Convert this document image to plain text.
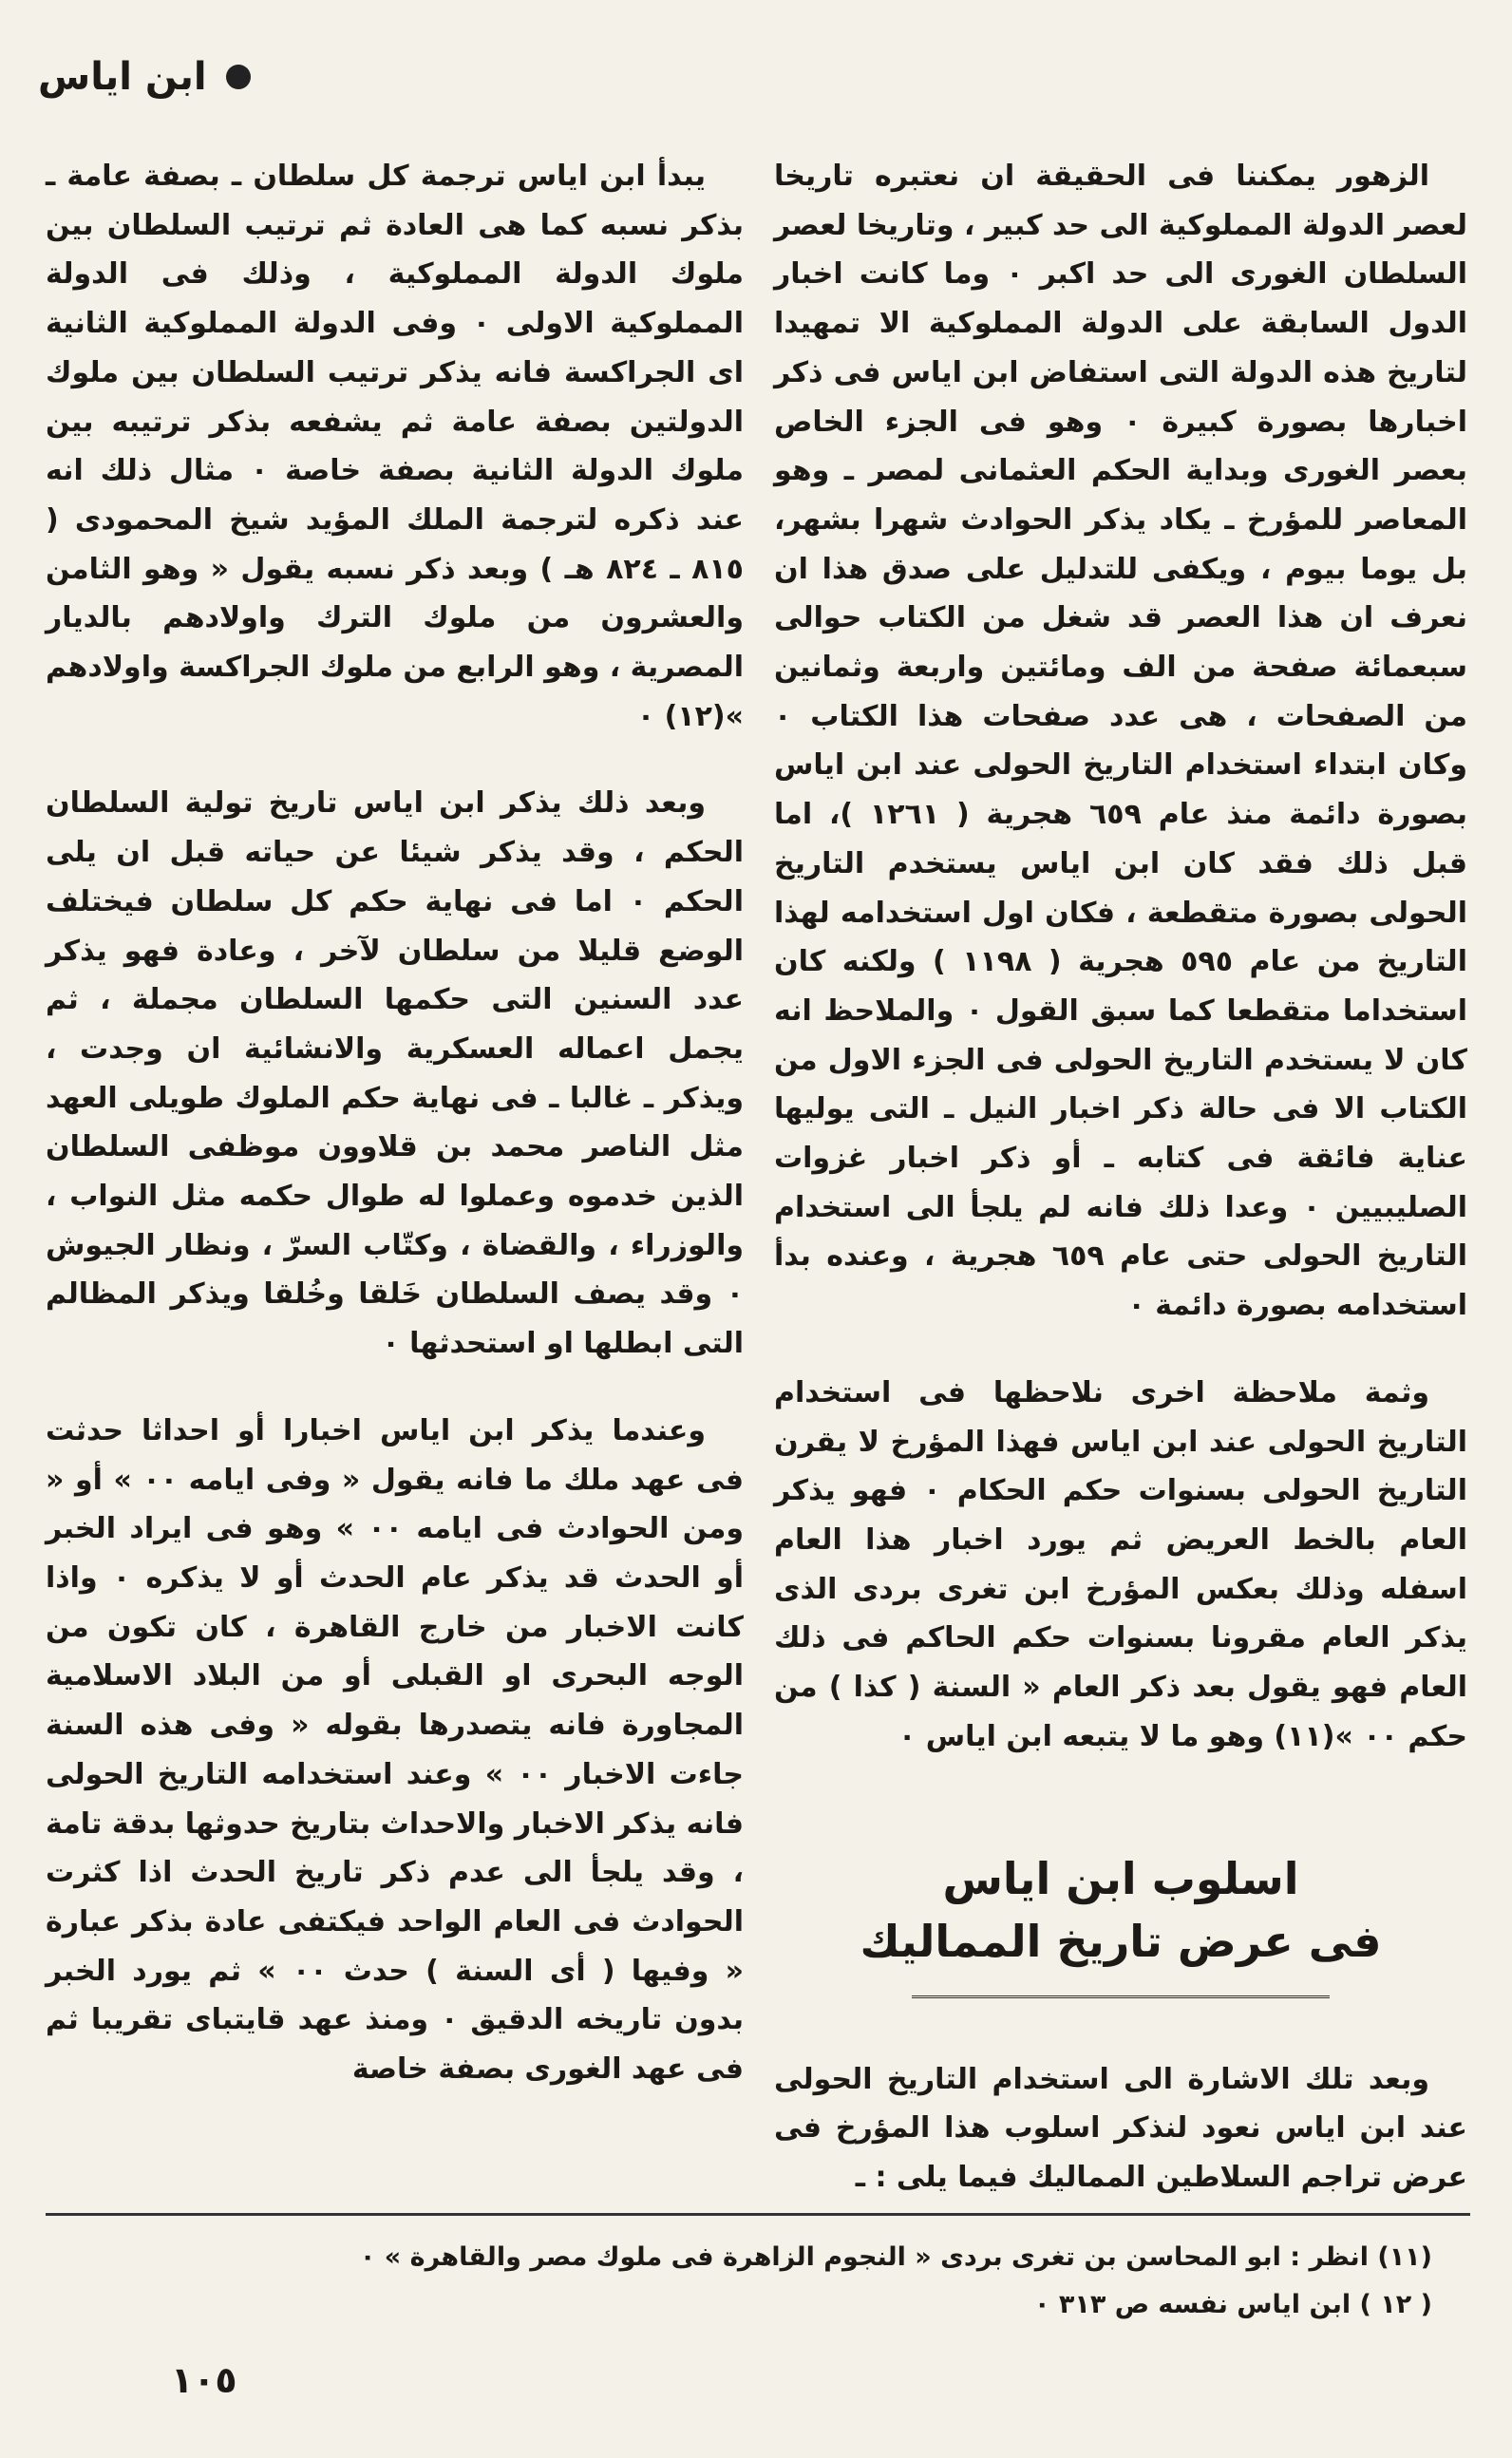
ابن اياس

الزهور يمكننا فى الحقيقة ان نعتبره تاريخا لعصر الدولة المملوكية الى حد كبير ، وتاريخا لعصر السلطان الغورى الى حد اكبر ٠ وما كانت اخبار الدول السابقة على الدولة المملوكية الا تمهيدا لتاريخ هذه الدولة التى استفاض ابن اياس فى ذكر اخبارها بصورة كبيرة ٠ وهو فى الجزء الخاص بعصر الغورى وبداية الحكم العثمانى لمصر ـ وهو المعاصر للمؤرخ ـ يكاد يذكر الحوادث شهرا بشهر، بل يوما بيوم ، ويكفى للتدليل على صدق هذا ان نعرف ان هذا العصر قد شغل من الكتاب حوالى سبعمائة صفحة من الف ومائتين واربعة وثمانين من الصفحات ، هى عدد صفحات هذا الكتاب ٠ وكان ابتداء استخدام التاريخ الحولى عند ابن اياس بصورة دائمة منذ عام ٦٥٩ هجرية ( ١٢٦١ )، اما قبل ذلك فقد كان ابن اياس يستخدم التاريخ الحولى بصورة متقطعة ، فكان اول استخدامه لهذا التاريخ من عام ٥٩٥ هجرية ( ١١٩٨ ) ولكنه كان استخداما متقطعا كما سبق القول ٠ والملاحظ انه كان لا يستخدم التاريخ الحولى فى الجزء الاول من الكتاب الا فى حالة ذكر اخبار النيل ـ التى يوليها عناية فائقة فى كتابه ـ أو ذكر اخبار غزوات الصليبيين ٠ وعدا ذلك فانه لم يلجأ الى استخدام التاريخ الحولى حتى عام ٦٥٩ هجرية ، وعنده بدأ استخدامه بصورة دائمة ٠

وثمة ملاحظة اخرى نلاحظها فى استخدام التاريخ الحولى عند ابن اياس فهذا المؤرخ لا يقرن التاريخ الحولى بسنوات حكم الحكام ٠ فهو يذكر العام بالخط العريض ثم يورد اخبار هذا العام اسفله وذلك بعكس المؤرخ ابن تغرى بردى الذى يذكر العام مقرونا بسنوات حكم الحاكم فى ذلك العام فهو يقول بعد ذكر العام « السنة ( كذا ) من حكم ٠٠ »(١١) وهو ما لا يتبعه ابن اياس ٠

اسلوب ابن اياس
فى عرض تاريخ المماليك

وبعد تلك الاشارة الى استخدام التاريخ الحولى عند ابن اياس نعود لنذكر اسلوب هذا المؤرخ فى عرض تراجم السلاطين المماليك فيما يلى : ـ

يبدأ ابن اياس ترجمة كل سلطان ـ بصفة عامة ـ بذكر نسبه كما هى العادة ثم ترتيب السلطان بين ملوك الدولة المملوكية ، وذلك فى الدولة المملوكية الاولى ٠ وفى الدولة المملوكية الثانية اى الجراكسة فانه يذكر ترتيب السلطان بين ملوك الدولتين بصفة عامة ثم يشفعه بذكر ترتيبه بين ملوك الدولة الثانية بصفة خاصة ٠ مثال ذلك انه عند ذكره لترجمة الملك المؤيد شيخ المحمودى ( ٨١٥ ـ ٨٢٤ هـ ) وبعد ذكر نسبه يقول « وهو الثامن والعشرون من ملوك الترك واولادهم بالديار المصرية ، وهو الرابع من ملوك الجراكسة واولادهم »(١٢) ٠

وبعد ذلك يذكر ابن اياس تاريخ تولية السلطان الحكم ، وقد يذكر شيئا عن حياته قبل ان يلى الحكم ٠ اما فى نهاية حكم كل سلطان فيختلف الوضع قليلا من سلطان لآخر ، وعادة فهو يذكر عدد السنين التى حكمها السلطان مجملة ، ثم يجمل اعماله العسكرية والانشائية ان وجدت ، ويذكر ـ غالبا ـ فى نهاية حكم الملوك طويلى العهد مثل الناصر محمد بن قلاوون موظفى السلطان الذين خدموه وعملوا له طوال حكمه مثل النواب ، والوزراء ، والقضاة ، وكتّاب السرّ ، ونظار الجيوش ٠ وقد يصف السلطان خَلقا وخُلقا ويذكر المظالم التى ابطلها او استحدثها ٠

وعندما يذكر ابن اياس اخبارا أو احداثا حدثت فى عهد ملك ما فانه يقول « وفى ايامه ٠٠ » أو « ومن الحوادث فى ايامه ٠٠ » وهو فى ايراد الخبر أو الحدث قد يذكر عام الحدث أو لا يذكره ٠ واذا كانت الاخبار من خارج القاهرة ، كان تكون من الوجه البحرى او القبلى أو من البلاد الاسلامية المجاورة فانه يتصدرها بقوله « وفى هذه السنة جاءت الاخبار ٠٠ » وعند استخدامه التاريخ الحولى فانه يذكر الاخبار والاحداث بتاريخ حدوثها بدقة تامة ، وقد يلجأ الى عدم ذكر تاريخ الحدث اذا كثرت الحوادث فى العام الواحد فيكتفى عادة بذكر عبارة « وفيها ( أى السنة ) حدث ٠٠ » ثم يورد الخبر بدون تاريخه الدقيق ٠ ومنذ عهد قايتباى تقريبا ثم فى عهد الغورى بصفة خاصة

(١١) انظر : ابو المحاسن بن تغرى بردى « النجوم الزاهرة فى ملوك مصر والقاهرة » ٠
( ١٢ ) ابن اياس نفسه ص ٣١٣ ٠
١٠٥
